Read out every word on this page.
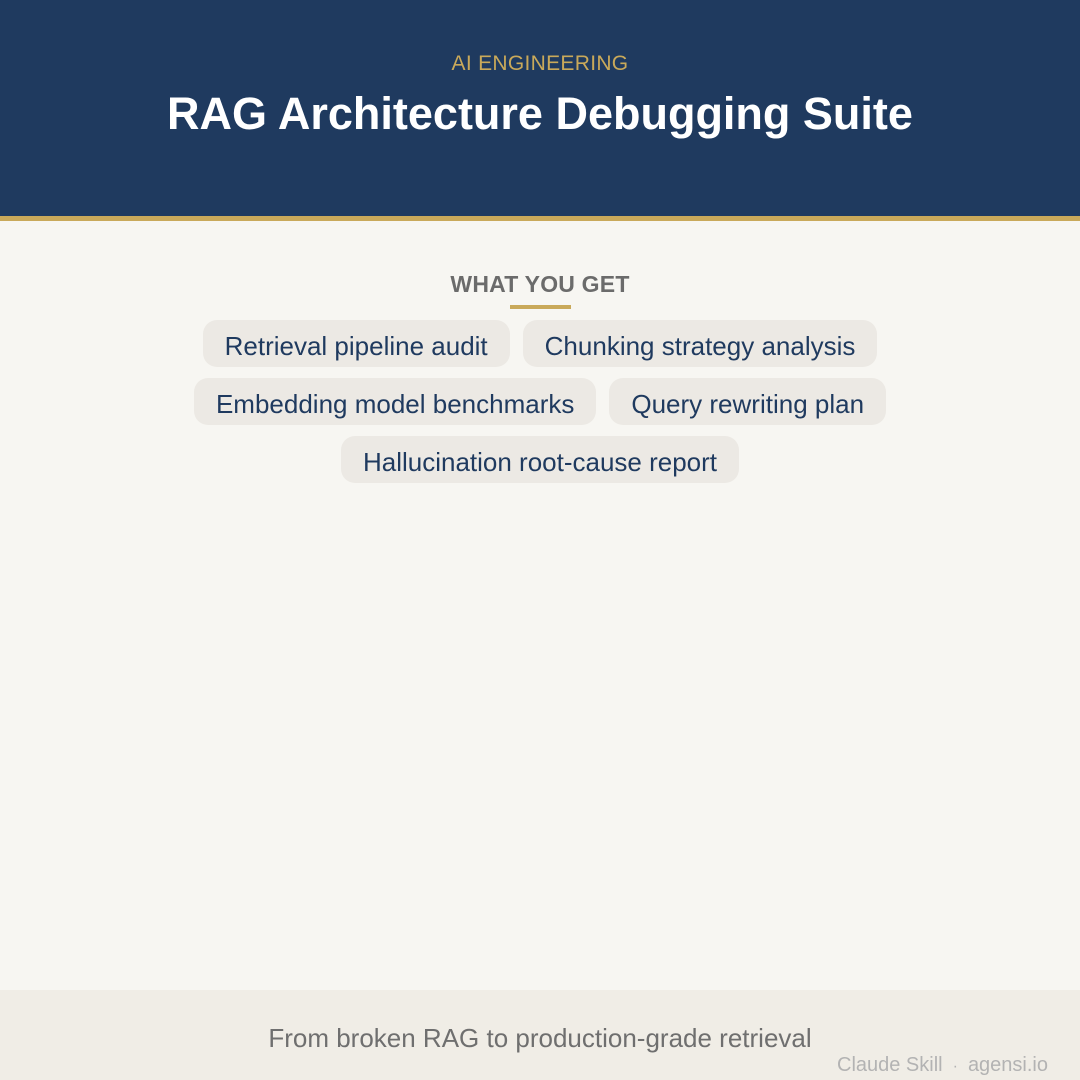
AI ENGINEERING
RAG Architecture Debugging Suite
WHAT YOU GET
Retrieval pipeline audit	Chunking strategy analysis
Embedding model benchmarks	Query rewriting plan
Hallucination root-cause report
From broken RAG to production-grade retrieval
Claude Skill · agensi.io
